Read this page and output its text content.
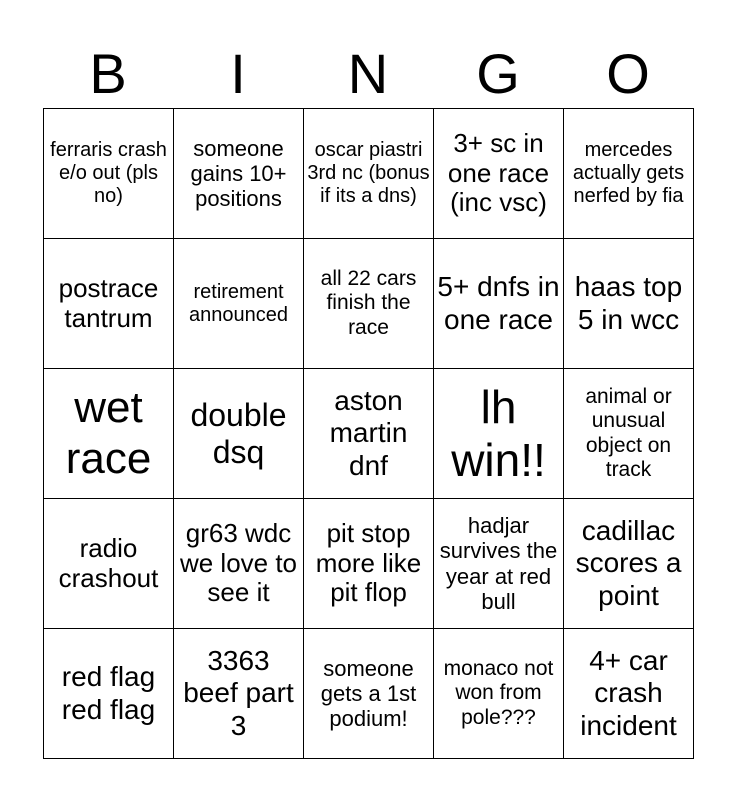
B	I	N	G	O
ferraris crash e/o out (pls no)	someone gains 10+ positions	oscar piastri 3rd nc (bonus if its a dns)	3+ sc in one race (inc vsc)	mercedes actually gets nerfed by fia
postrace tantrum	retirement announced	all 22 cars finish the race	5+ dnfs in one race	haas top 5 in wcc
wet race	double dsq	aston martin dnf	lh win!!	animal or unusual object on track
radio crashout	gr63 wdc we love to see it	pit stop more like pit flop	hadjar survives the year at red bull	cadillac scores a point
red flag red flag	3363 beef part 3	someone gets a 1st podium!	monaco not won from pole???	4+ car crash incident
